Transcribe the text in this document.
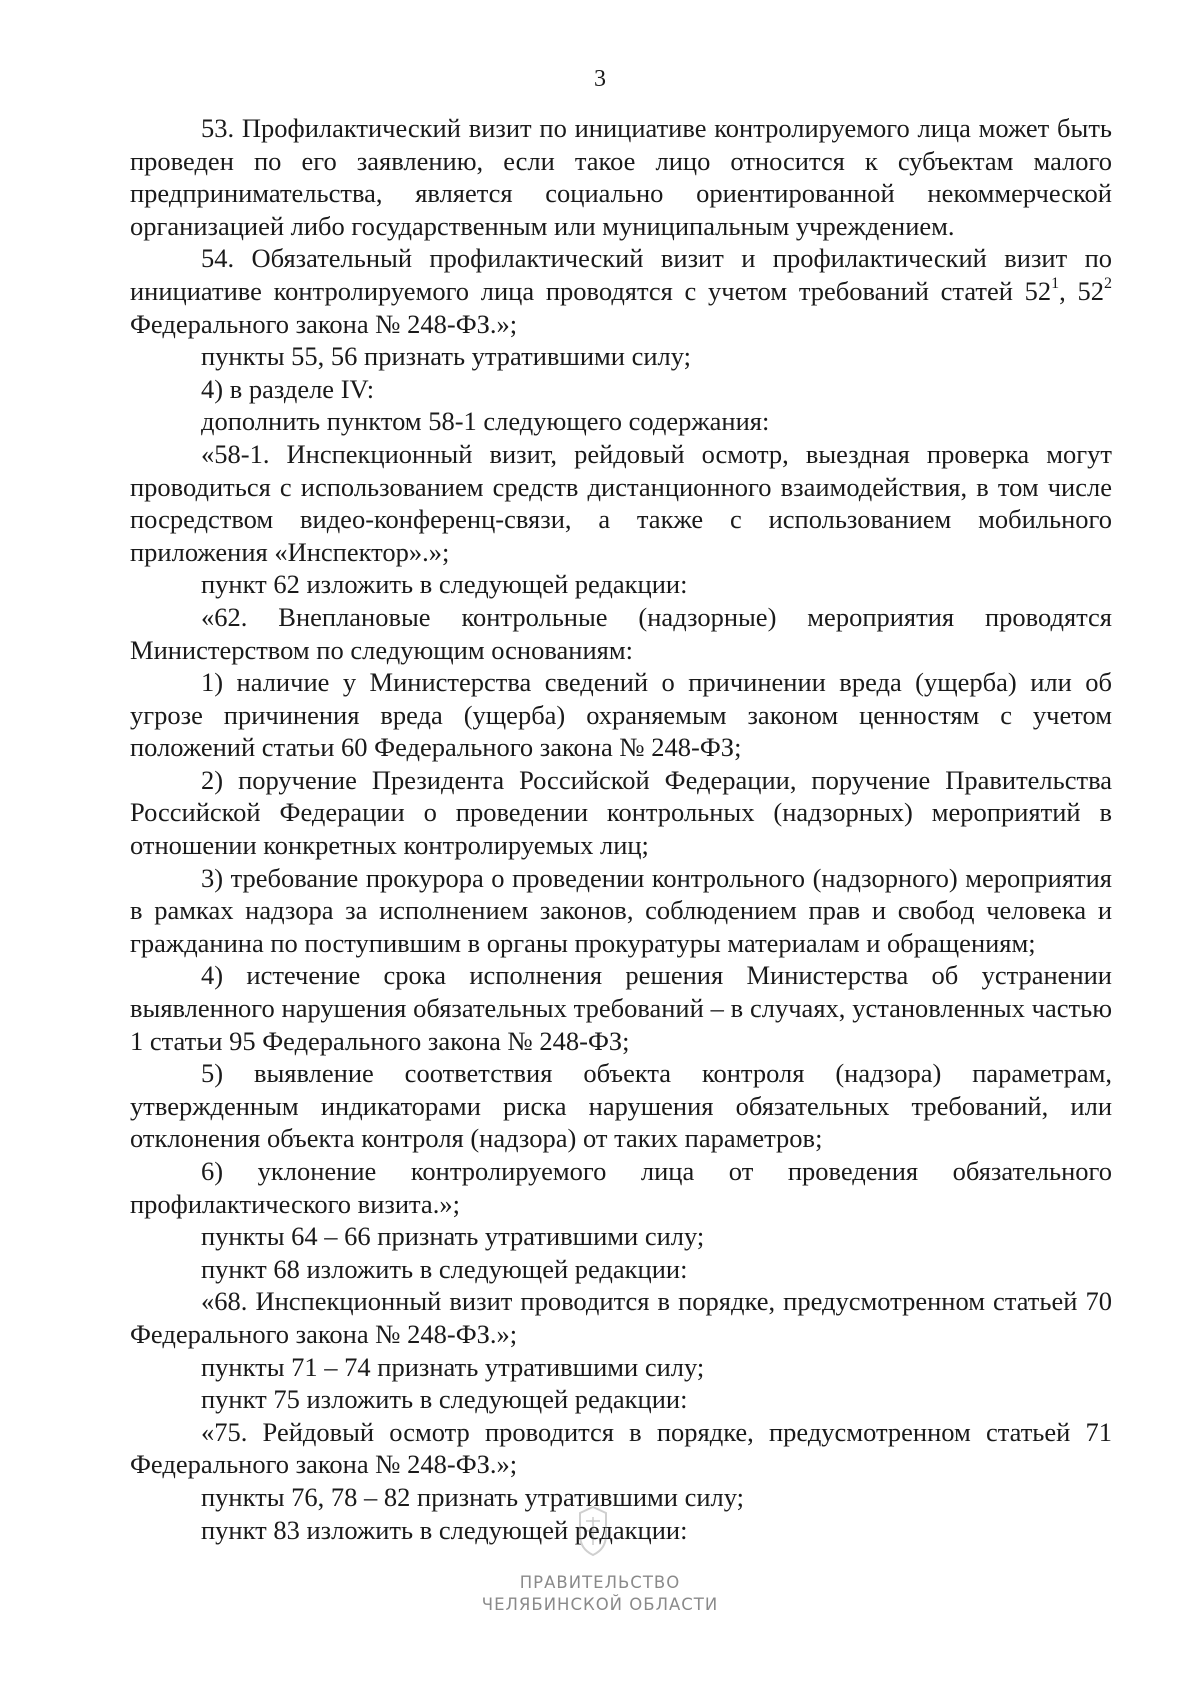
3

53. Профилактический визит по инициативе контролируемого лица может быть проведен по его заявлению, если такое лицо относится к субъектам малого предпринимательства, является социально ориентированной некоммерческой организацией либо государственным или муниципальным учреждением.

54. Обязательный профилактический визит и профилактический визит по инициативе контролируемого лица проводятся с учетом требований статей $52^1$, $52^2$ Федерального закона № 248-ФЗ.»;

пункты 55, 56 признать утратившими силу;

4) в разделе IV:

дополнить пунктом 58-1 следующего содержания:

«58-1. Инспекционный визит, рейдовый осмотр, выездная проверка могут проводиться с использованием средств дистанционного взаимодействия, в том числе посредством видео-конференц-связи, а также с использованием мобильного приложения «Инспектор».»;

пункт 62 изложить в следующей редакции:

«62. Внеплановые контрольные (надзорные) мероприятия проводятся Министерством по следующим основаниям:

1) наличие у Министерства сведений о причинении вреда (ущерба) или об угрозе причинения вреда (ущерба) охраняемым законом ценностям с учетом положений статьи 60 Федерального закона № 248-ФЗ;

2) поручение Президента Российской Федерации, поручение Правительства Российской Федерации о проведении контрольных (надзорных) мероприятий в отношении конкретных контролируемых лиц;

3) требование прокурора о проведении контрольного (надзорного) мероприятия в рамках надзора за исполнением законов, соблюдением прав и свобод человека и гражданина по поступившим в органы прокуратуры материалам и обращениям;

4) истечение срока исполнения решения Министерства об устранении выявленного нарушения обязательных требований – в случаях, установленных частью 1 статьи 95 Федерального закона № 248-ФЗ;

5) выявление соответствия объекта контроля (надзора) параметрам, утвержденным индикаторами риска нарушения обязательных требований, или отклонения объекта контроля (надзора) от таких параметров;

6) уклонение контролируемого лица от проведения обязательного профилактического визита.»;

пункты 64 – 66 признать утратившими силу;

пункт 68 изложить в следующей редакции:

«68. Инспекционный визит проводится в порядке, предусмотренном статьей 70 Федерального закона № 248-ФЗ.»;

пункты 71 – 74 признать утратившими силу;

пункт 75 изложить в следующей редакции:

«75. Рейдовый осмотр проводится в порядке, предусмотренном статьей 71 Федерального закона № 248-ФЗ.»;

пункты 76, 78 – 82 признать утратившими силу;

пункт 83 изложить в следующей редакции:

ПРАВИТЕЛЬСТВО
ЧЕЛЯБИНСКОЙ ОБЛАСТИ
